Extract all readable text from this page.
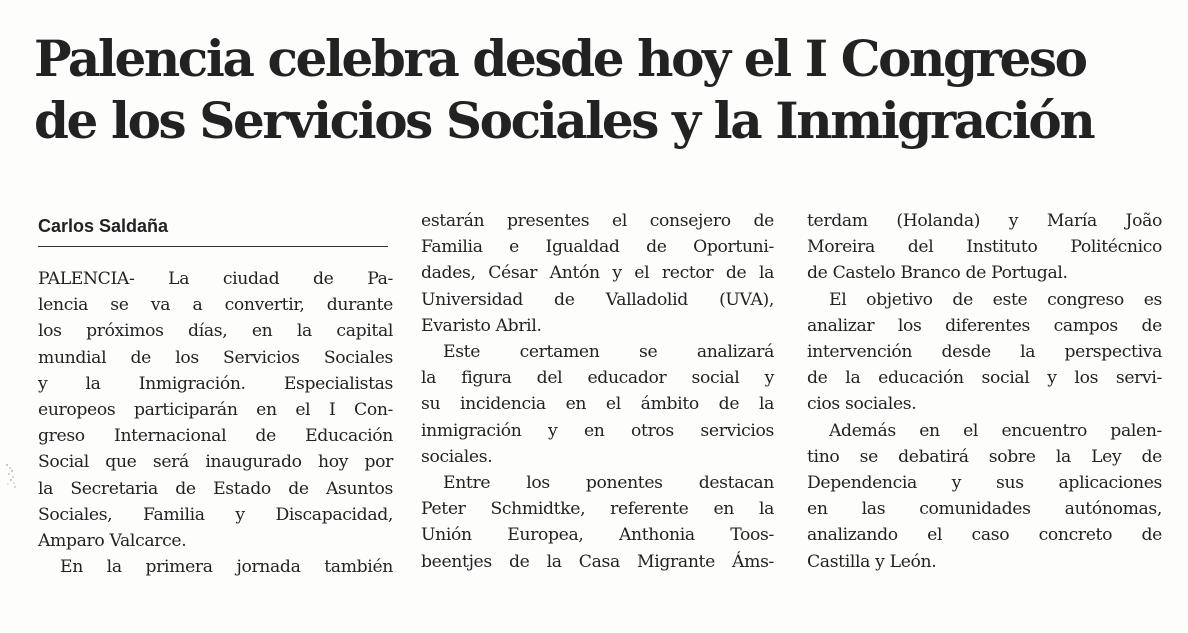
Palencia celebra desde hoy el I Congreso
de los Servicios Sociales y la Inmigración
Carlos Saldaña
PALENCIA- La ciudad de Pa-
lencia se va a convertir, durante
los próximos días, en la capital
mundial de los Servicios Sociales
y la Inmigración. Especialistas
europeos participarán en el I Con-
greso Internacional de Educación
Social que será inaugurado hoy por
la Secretaria de Estado de Asuntos
Sociales, Familia y Discapacidad,
Amparo Valcarce.
En la primera jornada también
estarán presentes el consejero de
Familia e Igualdad de Oportuni-
dades, César Antón y el rector de la
Universidad de Valladolid (UVA),
Evaristo Abril.
Este certamen se analizará
la figura del educador social y
su incidencia en el ámbito de la
inmigración y en otros servicios
sociales.
Entre los ponentes destacan
Peter Schmidtke, referente en la
Unión Europea, Anthonia Toos-
beentjes de la Casa Migrante Áms-
terdam (Holanda) y María João
Moreira del Instituto Politécnico
de Castelo Branco de Portugal.
El objetivo de este congreso es
analizar los diferentes campos de
intervención desde la perspectiva
de la educación social y los servi-
cios sociales.
Además en el encuentro palen-
tino se debatirá sobre la Ley de
Dependencia y sus aplicaciones
en las comunidades autónomas,
analizando el caso concreto de
Castilla y León.
